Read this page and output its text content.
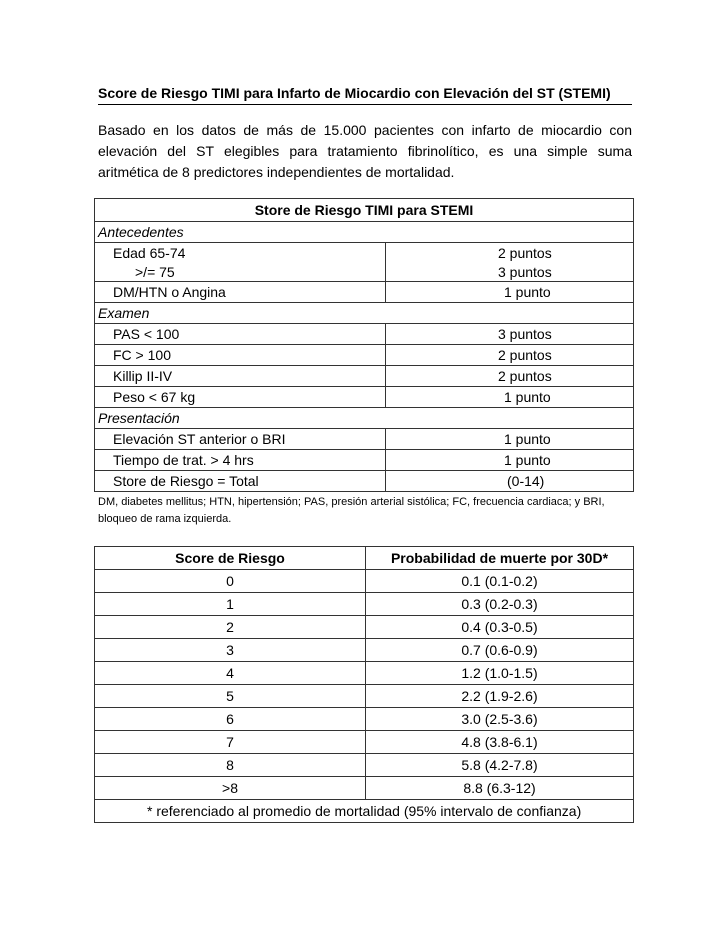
Score de Riesgo TIMI para Infarto de Miocardio con Elevación del ST (STEMI)

Basado en los datos de más de 15.000 pacientes con infarto de miocardio con elevación del ST elegibles para tratamiento fibrinolítico, es una simple suma aritmética de 8 predictores independientes de mortalidad.

Store de Riesgo TIMI para STEMI	
Antecedentes	
Edad 65-74	2 puntos
>/= 75	3 puntos
DM/HTN o Angina	1 punto
Examen	
PAS < 100	3 puntos
FC > 100	2 puntos
Killip II-IV	2 puntos
Peso < 67 kg	1 punto
Presentación	
Elevación ST anterior o BRI	1 punto
Tiempo de trat. > 4 hrs	1 punto
Store de Riesgo = Total	(0-14)
DM, diabetes mellitus; HTN, hipertensión; PAS, presión arterial sistólica; FC, frecuencia cardiaca; y BRI, bloqueo de rama izquierda.
Score de Riesgo	Probabilidad de muerte por 30D*
0	0.1 (0.1-0.2)
1	0.3 (0.2-0.3)
2	0.4 (0.3-0.5)
3	0.7 (0.6-0.9)
4	1.2 (1.0-1.5)
5	2.2 (1.9-2.6)
6	3.0 (2.5-3.6)
7	4.8 (3.8-6.1)
8	5.8 (4.2-7.8)
>8	8.8 (6.3-12)
* referenciado al promedio de mortalidad (95% intervalo de confianza)	
